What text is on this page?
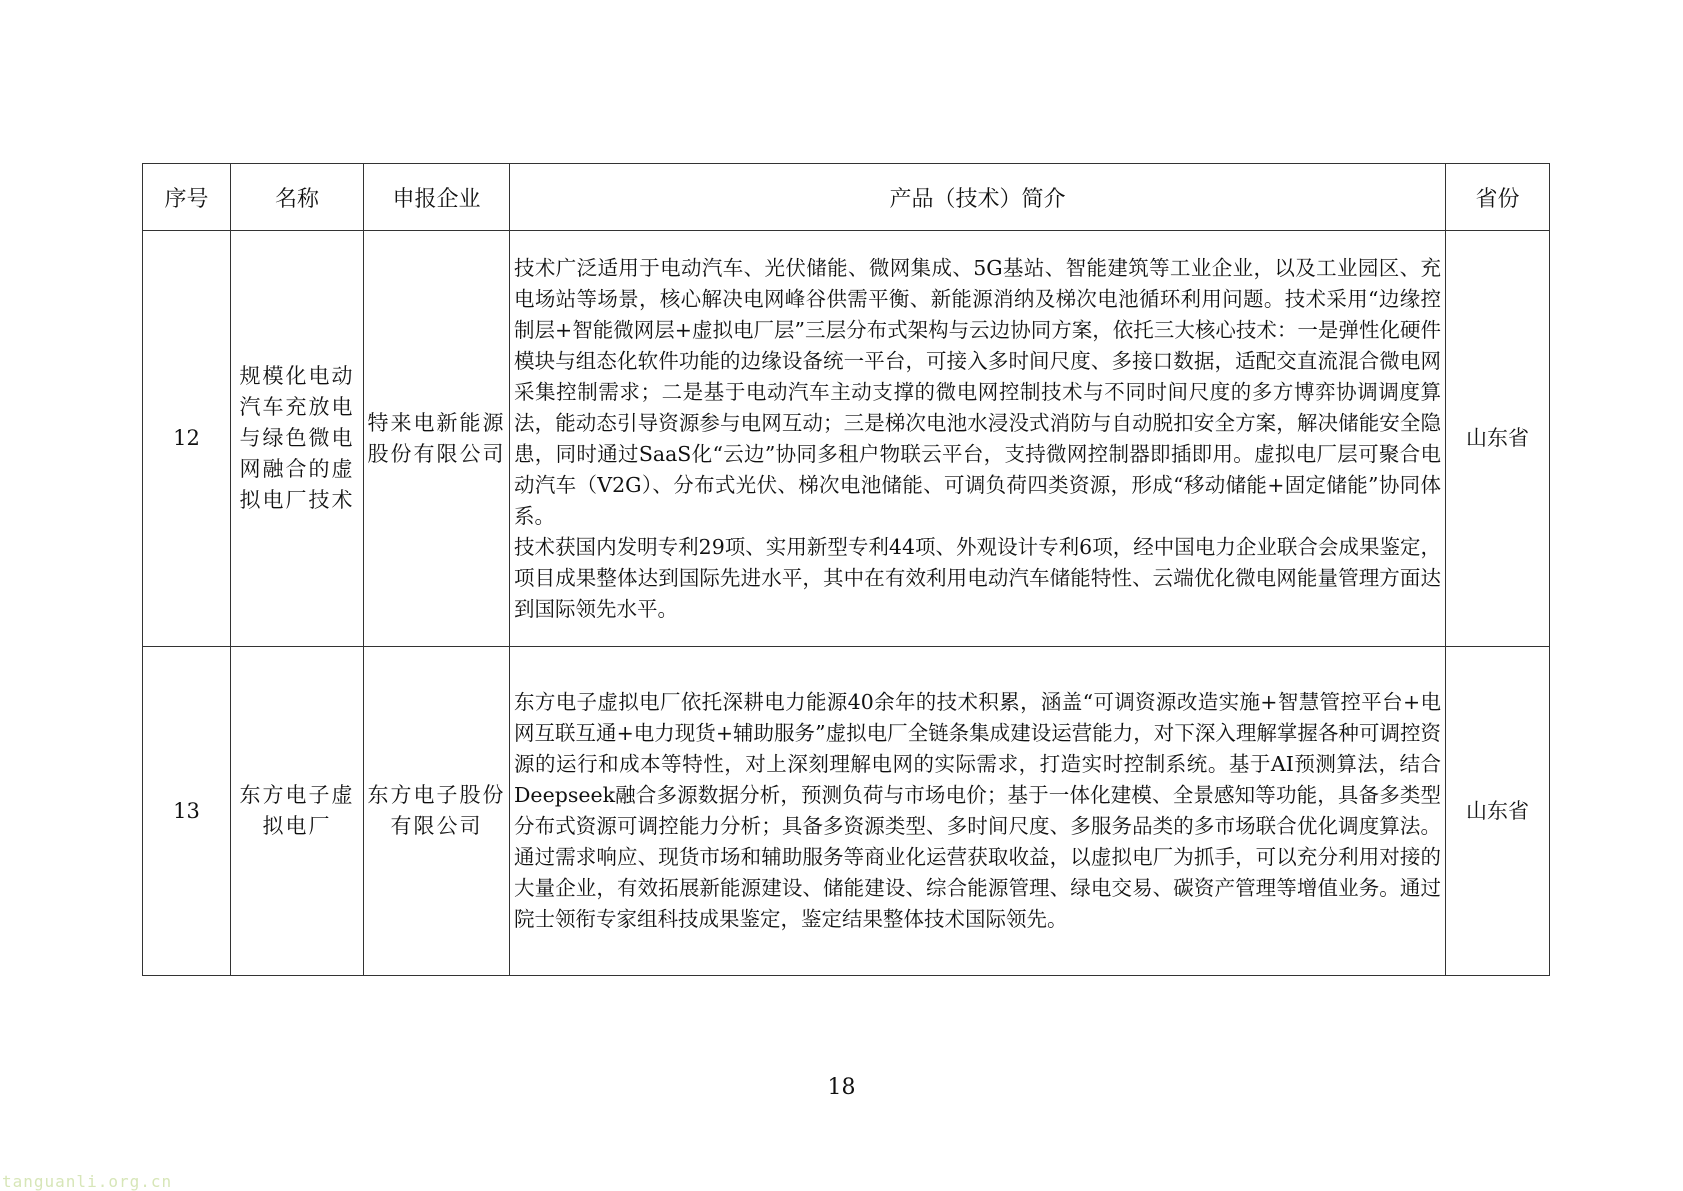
序号	名称	申报企业	产品（技术）简介	省份
12	规模化电动汽车充放电与绿色微电网融合的虚拟电厂技术	特来电新能源股份有限公司	技术广泛适用于电动汽车、光伏储能、微网集成、5G基站、智能建筑等工业企业，以及工业园区、充电场站等场景，核心解决电网峰谷供需平衡、新能源消纳及梯次电池循环利用问题。技术采用“边缘控制层+智能微网层+虚拟电厂层”三层分布式架构与云边协同方案，依托三大核心技术：一是弹性化硬件模块与组态化软件功能的边缘设备统一平台，可接入多时间尺度、多接口数据，适配交直流混合微电网采集控制需求；二是基于电动汽车主动支撑的微电网控制技术与不同时间尺度的多方博弈协调调度算法，能动态引导资源参与电网互动；三是梯次电池水浸没式消防与自动脱扣安全方案，解决储能安全隐患，同时通过SaaS化“云边”协同多租户物联云平台，支持微网控制器即插即用。虚拟电厂层可聚合电动汽车（V2G）、分布式光伏、梯次电池储能、可调负荷四类资源，形成“移动储能+固定储能”协同体系。
技术获国内发明专利29项、实用新型专利44项、外观设计专利6项，经中国电力企业联合会成果鉴定，项目成果整体达到国际先进水平，其中在有效利用电动汽车储能特性、云端优化微电网能量管理方面达到国际领先水平。	山东省
13	东方电子虚拟电厂	东方电子股份有限公司	东方电子虚拟电厂依托深耕电力能源40余年的技术积累，涵盖“可调资源改造实施+智慧管控平台+电网互联互通+电力现货+辅助服务”虚拟电厂全链条集成建设运营能力，对下深入理解掌握各种可调控资源的运行和成本等特性，对上深刻理解电网的实际需求，打造实时控制系统。基于AI预测算法，结合Deepseek融合多源数据分析，预测负荷与市场电价；基于一体化建模、全景感知等功能，具备多类型分布式资源可调控能力分析；具备多资源类型、多时间尺度、多服务品类的多市场联合优化调度算法。通过需求响应、现货市场和辅助服务等商业化运营获取收益，以虚拟电厂为抓手，可以充分利用对接的大量企业，有效拓展新能源建设、储能建设、综合能源管理、绿电交易、碳资产管理等增值业务。通过院士领衔专家组科技成果鉴定，鉴定结果整体技术国际领先。	山东省
18
tanguanli.org.cn
